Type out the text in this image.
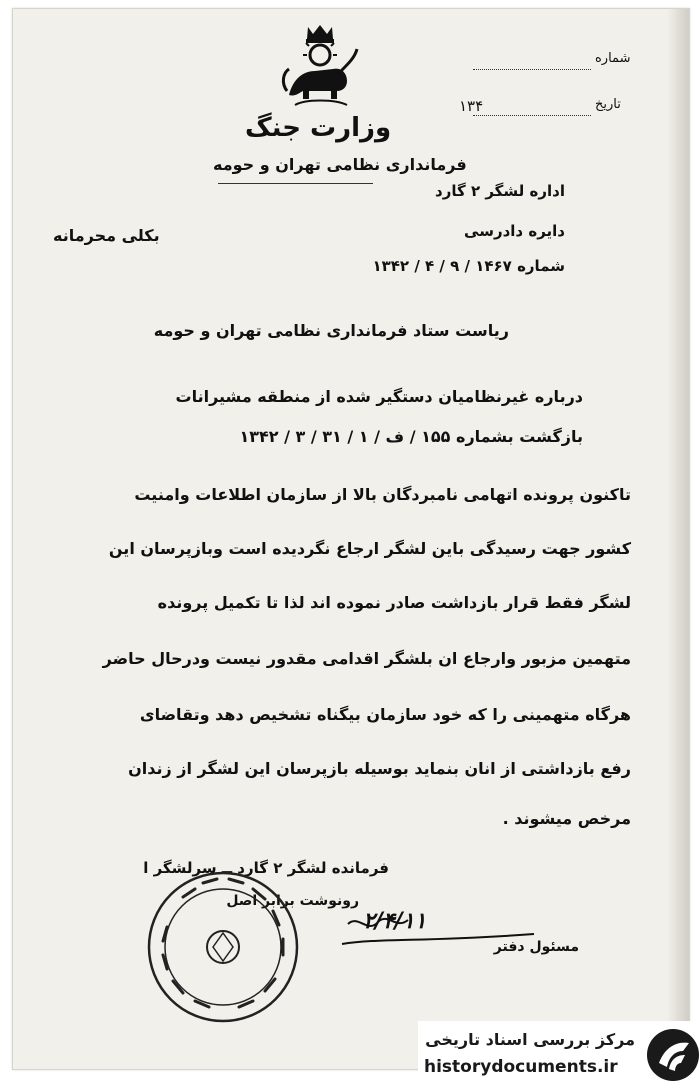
شماره
تاریخ
۱۳۴
وزارت جنگ
فرمانداری نظامی تهران و حومه
اداره لشگر ۲ گارد
دایره دادرسی
بکلی محرمانه
شماره ۱۴۶۷ / ۹ / ۴ / ۱۳۴۲
ریاست ستاد فرمانداری نظامی تهران و حومه
درباره غیرنظامیان دستگیر شده از منطقه مشیرانات
بازگشت بشماره ۱۵۵ / ف / ۱ / ۳۱ / ۳ / ۱۳۴۲
تاکنون پرونده اتهامی نامبردگان بالا از سازمان اطلاعات وامنیت
کشور جهت رسیدگی باین لشگر ارجاع نگردیده است وبازپرسان این
لشگر فقط قرار بازداشت صادر نموده اند لذا تا تکمیل پرونده
متهمین مزبور وارجاع ان بلشگر اقدامی مقدور نیست ودرحال حاضر
هرگاه متهمینی را که خود سازمان بیگناه تشخیص دهد وتقاضای
رفع بازداشتی از انان بنماید بوسیله بازپرسان این لشگر از زندان
مرخص میشوند .
فرمانده لشگر ۲ گارد ــ سرلشگر ا
رونوشت برابر اصل
۲/۴/۱۱
مسئول دفتر
مرکز بررسی اسناد تاریخی
historydocuments.ir
